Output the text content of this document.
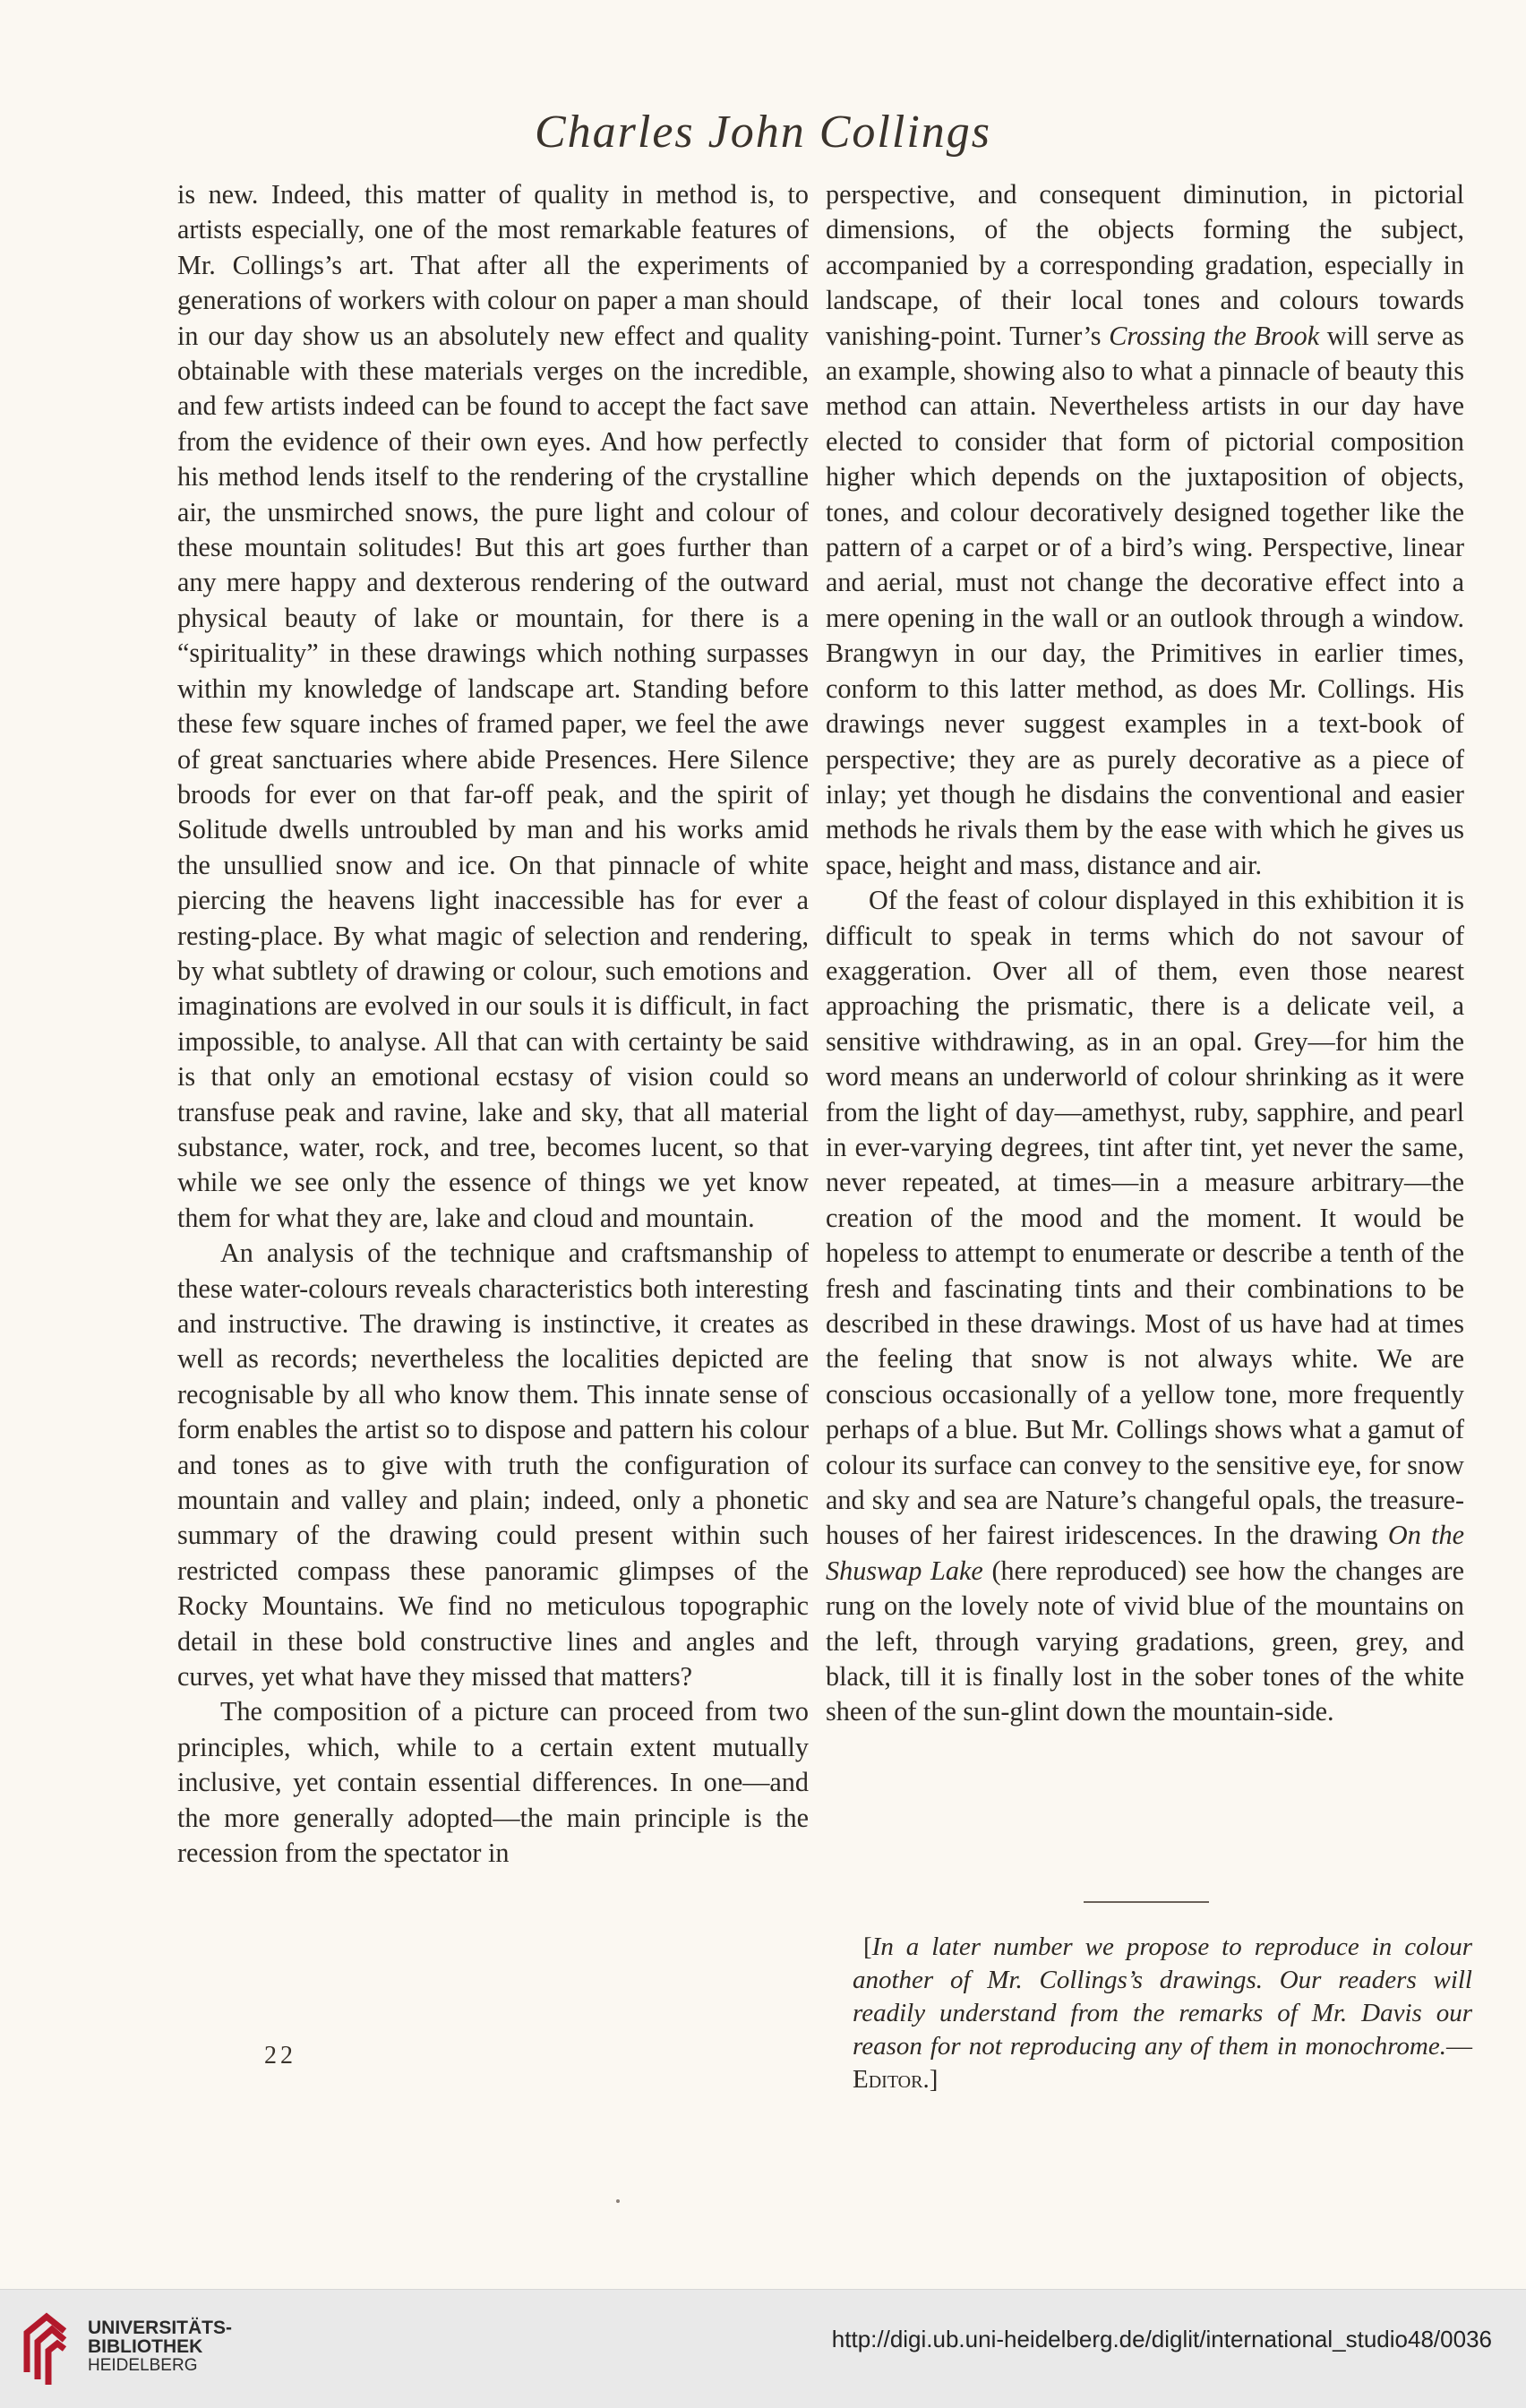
Charles John Collings

is new. Indeed, this matter of quality in method is, to artists especially, one of the most remarkable features of Mr. Collings’s art. That after all the experiments of generations of workers with colour on paper a man should in our day show us an absolutely new effect and quality obtainable with these materials verges on the incredible, and few artists indeed can be found to accept the fact save from the evidence of their own eyes. And how perfectly his method lends itself to the rendering of the crystalline air, the unsmirched snows, the pure light and colour of these mountain solitudes! But this art goes further than any mere happy and dexterous rendering of the outward physical beauty of lake or mountain, for there is a “spirituality” in these drawings which nothing surpasses within my knowledge of landscape art. Standing before these few square inches of framed paper, we feel the awe of great sanctuaries where abide Presences. Here Silence broods for ever on that far-off peak, and the spirit of Solitude dwells untroubled by man and his works amid the unsullied snow and ice. On that pinnacle of white piercing the heavens light inaccessible has for ever a resting-place. By what magic of selection and rendering, by what subtlety of drawing or colour, such emotions and imaginations are evolved in our souls it is difficult, in fact impossible, to analyse. All that can with certainty be said is that only an emotional ecstasy of vision could so transfuse peak and ravine, lake and sky, that all material substance, water, rock, and tree, becomes lucent, so that while we see only the essence of things we yet know them for what they are, lake and cloud and mountain.

An analysis of the technique and craftsmanship of these water-colours reveals characteristics both interesting and instructive. The drawing is instinctive, it creates as well as records; nevertheless the localities depicted are recognisable by all who know them. This innate sense of form enables the artist so to dispose and pattern his colour and tones as to give with truth the configuration of mountain and valley and plain; indeed, only a phonetic summary of the drawing could present within such restricted compass these panoramic glimpses of the Rocky Mountains. We find no meticulous topographic detail in these bold constructive lines and angles and curves, yet what have they missed that matters?

The composition of a picture can proceed from two principles, which, while to a certain extent mutually inclusive, yet contain essential differences. In one—and the more generally adopted—the main principle is the recession from the spectator in

perspective, and consequent diminution, in pictorial dimensions, of the objects forming the subject, accompanied by a corresponding gradation, especially in landscape, of their local tones and colours towards vanishing-point. Turner’s Crossing the Brook will serve as an example, showing also to what a pinnacle of beauty this method can attain. Nevertheless artists in our day have elected to consider that form of pictorial composition higher which depends on the juxtaposition of objects, tones, and colour decoratively designed together like the pattern of a carpet or of a bird’s wing. Perspective, linear and aerial, must not change the decorative effect into a mere opening in the wall or an outlook through a window. Brangwyn in our day, the Primitives in earlier times, conform to this latter method, as does Mr. Collings. His drawings never suggest examples in a text-book of perspective; they are as purely decorative as a piece of inlay; yet though he disdains the conventional and easier methods he rivals them by the ease with which he gives us space, height and mass, distance and air.

Of the feast of colour displayed in this exhibition it is difficult to speak in terms which do not savour of exaggeration. Over all of them, even those nearest approaching the prismatic, there is a delicate veil, a sensitive withdrawing, as in an opal. Grey—for him the word means an underworld of colour shrinking as it were from the light of day—amethyst, ruby, sapphire, and pearl in ever-varying degrees, tint after tint, yet never the same, never repeated, at times—in a measure arbitrary—the creation of the mood and the moment. It would be hopeless to attempt to enumerate or describe a tenth of the fresh and fascinating tints and their combinations to be described in these drawings. Most of us have had at times the feeling that snow is not always white. We are conscious occasionally of a yellow tone, more frequently perhaps of a blue. But Mr. Collings shows what a gamut of colour its surface can convey to the sensitive eye, for snow and sky and sea are Nature’s changeful opals, the treasure-houses of her fairest iridescences. In the drawing On the Shuswap Lake (here reproduced) see how the changes are rung on the lovely note of vivid blue of the mountains on the left, through varying gradations, green, grey, and black, till it is finally lost in the sober tones of the white sheen of the sun-glint down the mountain-side.

[In a later number we propose to reproduce in colour another of Mr. Collings’s drawings. Our readers will readily understand from the remarks of Mr. Davis our reason for not reproducing any of them in monochrome.—Editor.]
22
UNIVERSITÄTS-
BIBLIOTHEK
HEIDELBERG
http://digi.ub.uni-heidelberg.de/diglit/international_studio48/0036
